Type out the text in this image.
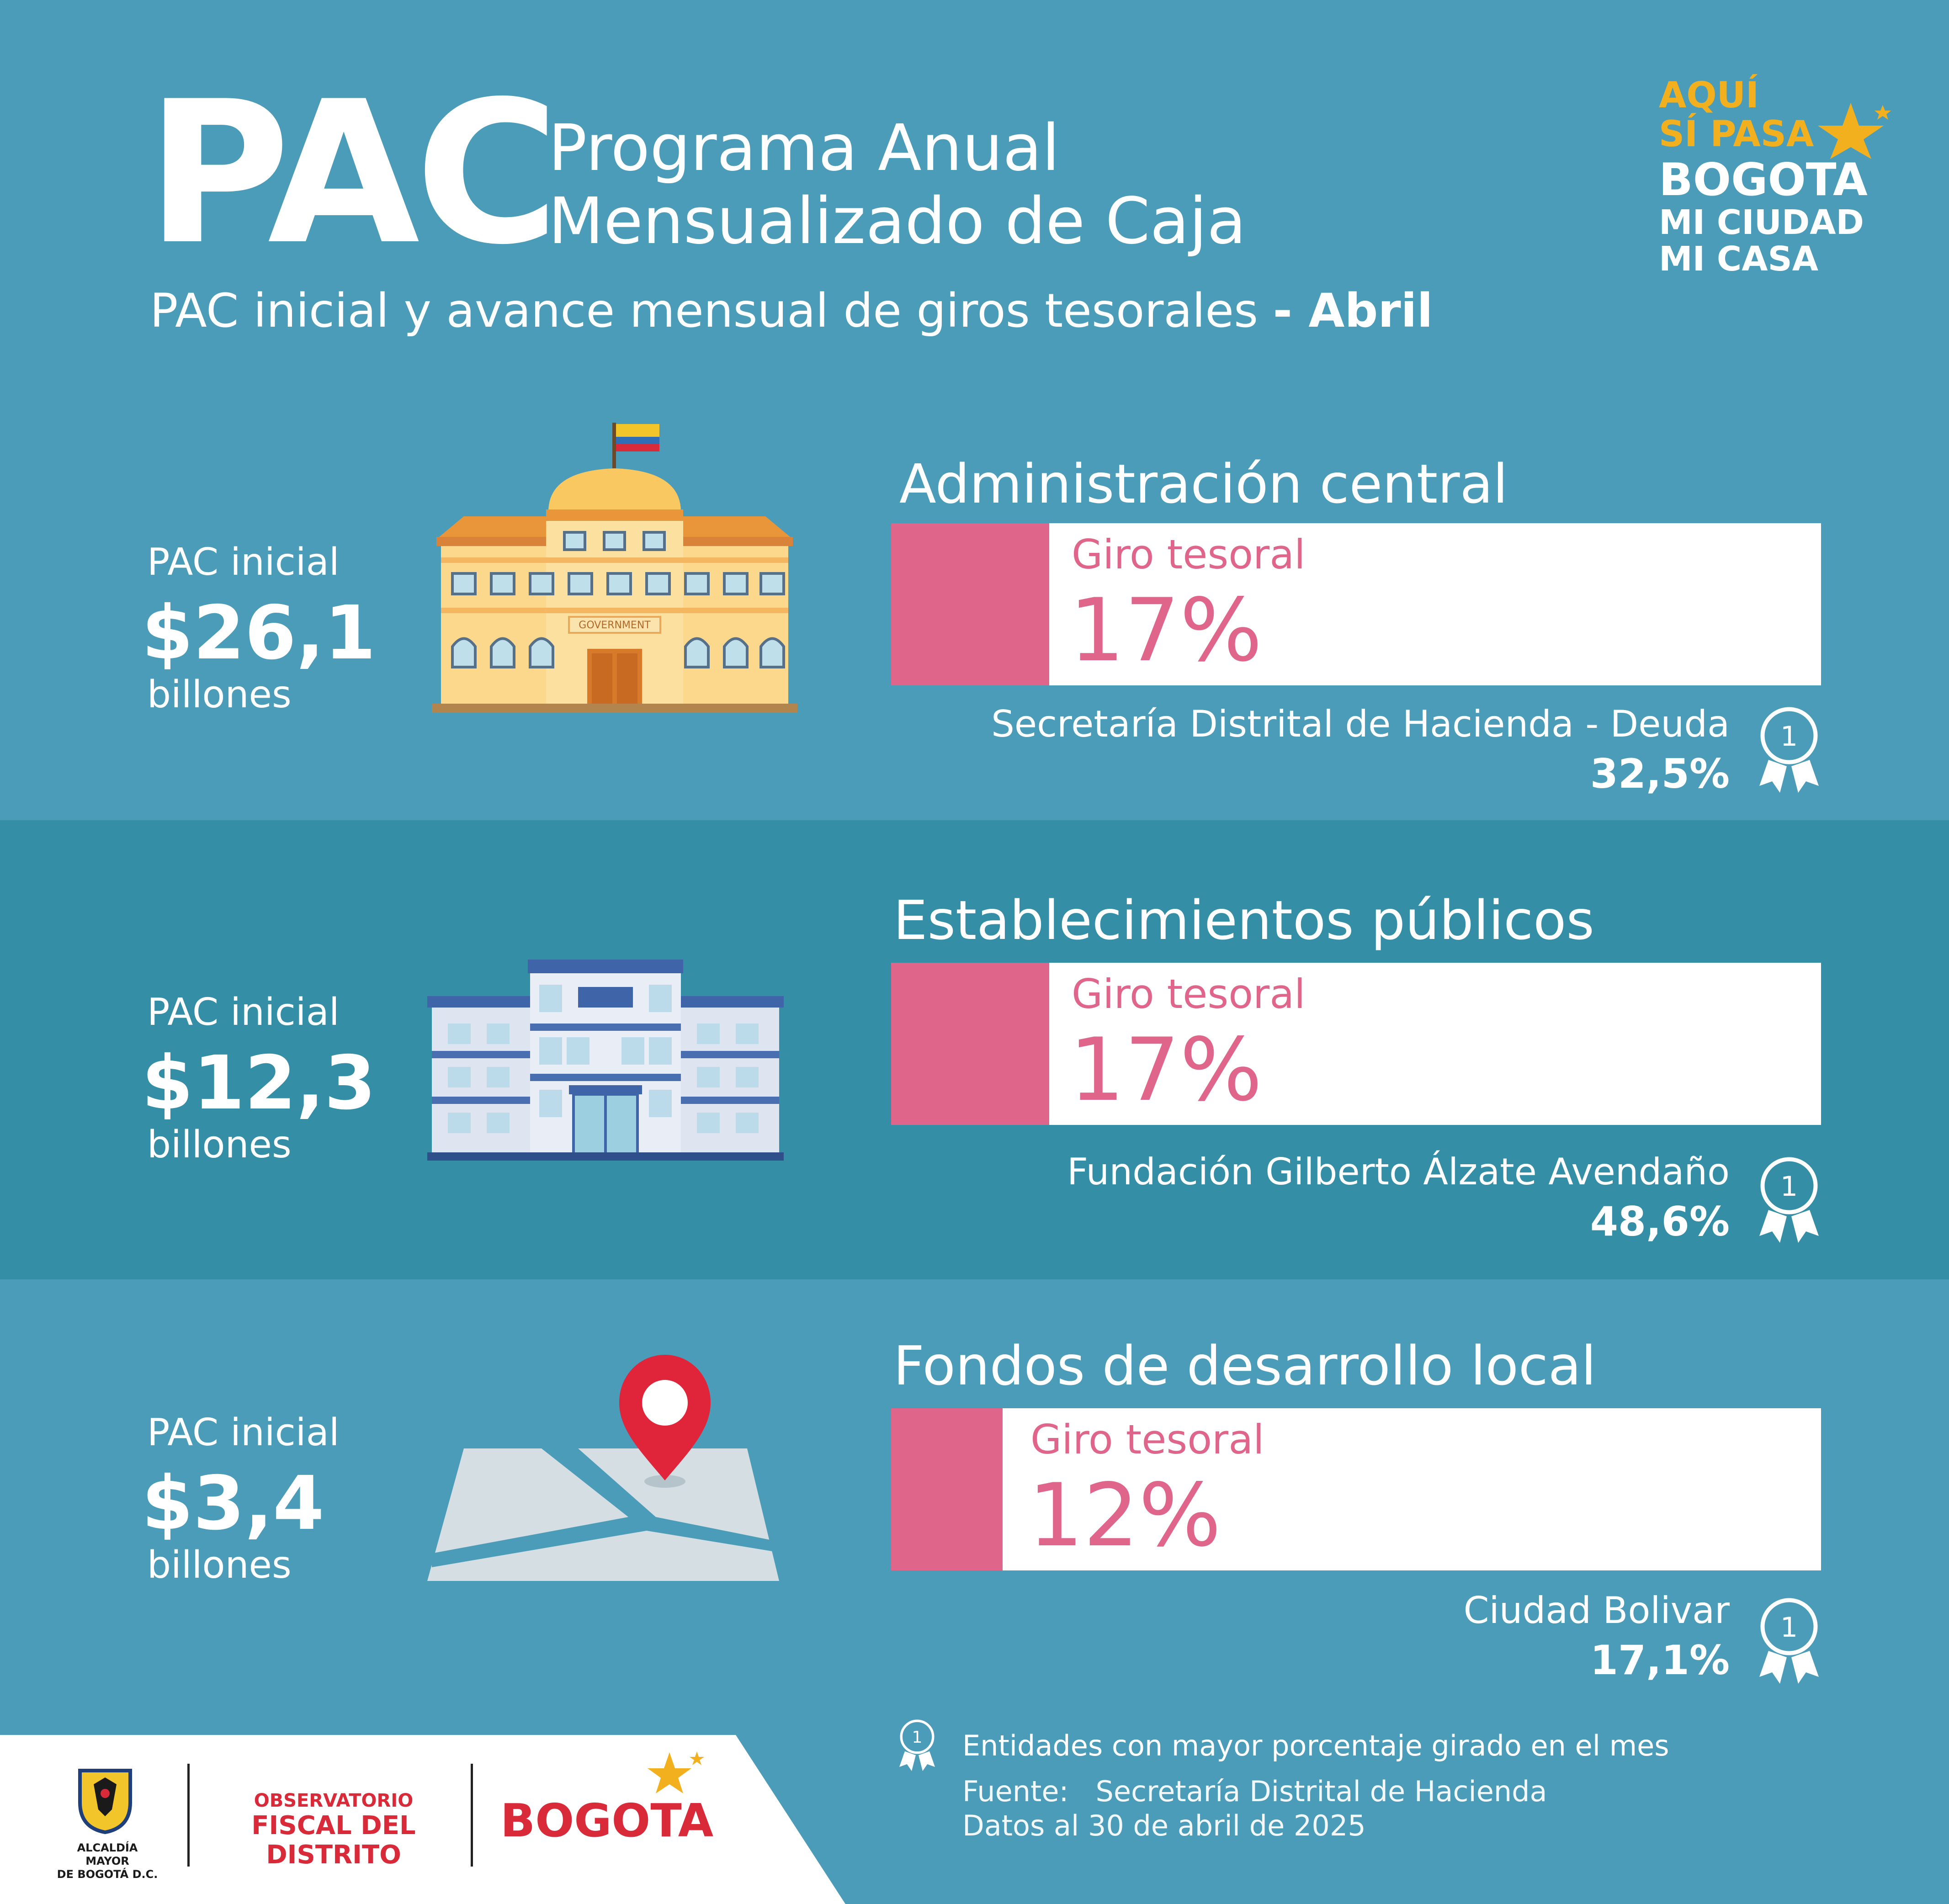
PAC
Programa Anual
Mensualizado de Caja
PAC inicial y avance mensual de giros tesorales - Abril
AQUÍ
SÍ PASA
BOGOTA
MI CIUDAD
MI CASA
PAC inicial
$26,1
billones
GOVERNMENT
Administración central
Giro tesoral
17%
Secretaría Distrital de Hacienda - Deuda
32,5%
1
PAC inicial
$12,3
billones
Establecimientos públicos
Giro tesoral
17%
Fundación Gilberto Álzate Avendaño
48,6%
1
PAC inicial
$3,4
billones
Fondos de desarrollo local
Giro tesoral
12%
Ciudad Bolivar
17,1%
1
ALCALDÍA MAYOR
DE BOGOTÁ D.C.
OBSERVATORIO
FISCAL DEL DISTRITO
BOGOTA
1 Entidades con mayor porcentaje girado en el mes
Fuente: Secretaría Distrital de Hacienda
Datos al 30 de abril de 2025
